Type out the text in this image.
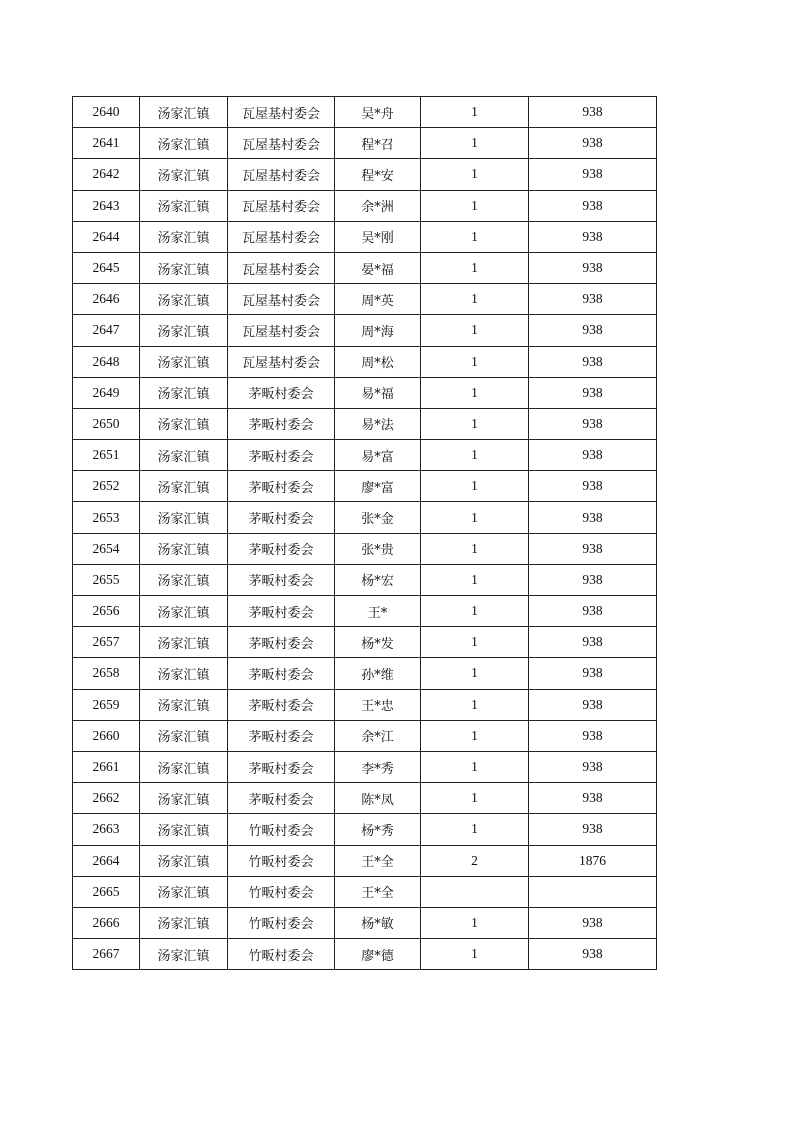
2640	汤家汇镇	瓦屋基村委会	吴*舟	1	938
2641	汤家汇镇	瓦屋基村委会	程*召	1	938
2642	汤家汇镇	瓦屋基村委会	程*安	1	938
2643	汤家汇镇	瓦屋基村委会	余*洲	1	938
2644	汤家汇镇	瓦屋基村委会	吴*刚	1	938
2645	汤家汇镇	瓦屋基村委会	晏*福	1	938
2646	汤家汇镇	瓦屋基村委会	周*英	1	938
2647	汤家汇镇	瓦屋基村委会	周*海	1	938
2648	汤家汇镇	瓦屋基村委会	周*松	1	938
2649	汤家汇镇	茅畈村委会	易*福	1	938
2650	汤家汇镇	茅畈村委会	易*法	1	938
2651	汤家汇镇	茅畈村委会	易*富	1	938
2652	汤家汇镇	茅畈村委会	廖*富	1	938
2653	汤家汇镇	茅畈村委会	张*金	1	938
2654	汤家汇镇	茅畈村委会	张*贵	1	938
2655	汤家汇镇	茅畈村委会	杨*宏	1	938
2656	汤家汇镇	茅畈村委会	王*	1	938
2657	汤家汇镇	茅畈村委会	杨*发	1	938
2658	汤家汇镇	茅畈村委会	孙*维	1	938
2659	汤家汇镇	茅畈村委会	王*忠	1	938
2660	汤家汇镇	茅畈村委会	余*江	1	938
2661	汤家汇镇	茅畈村委会	李*秀	1	938
2662	汤家汇镇	茅畈村委会	陈*凤	1	938
2663	汤家汇镇	竹畈村委会	杨*秀	1	938
2664	汤家汇镇	竹畈村委会	王*全	2	1876
2665	汤家汇镇	竹畈村委会	王*全		
2666	汤家汇镇	竹畈村委会	杨*敏	1	938
2667	汤家汇镇	竹畈村委会	廖*德	1	938
